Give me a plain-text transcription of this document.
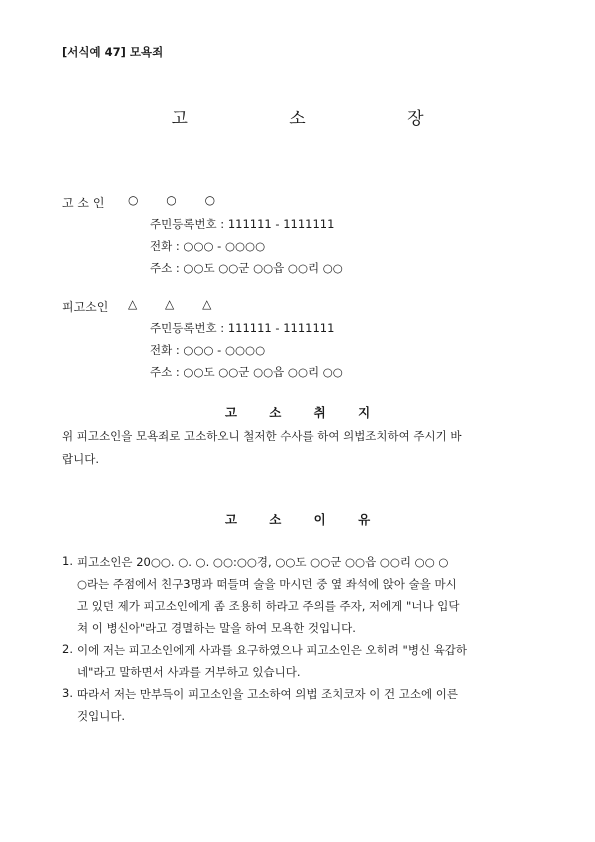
[서식예 47] 모욕죄
고 소 장
고 소 인 ○ ○ ○
주민등록번호 : 111111 - 1111111
전화 : ○○○ - ○○○○
주소 : ○○도 ○○군 ○○읍 ○○리 ○○
피고소인 △ △ △
주민등록번호 : 111111 - 1111111
전화 : ○○○ - ○○○○
주소 : ○○도 ○○군 ○○읍 ○○리 ○○
고 소 취 지
위 피고소인을 모욕죄로 고소하오니 철저한 수사를 하여 의법조치하여 주시기 바
랍니다.
고 소 이 유
1. 피고소인은 20○○. ○. ○. ○○:○○경, ○○도 ○○군 ○○읍 ○○리 ○○ ○
○라는 주점에서 친구3명과 떠들며 술을 마시던 중 옆 좌석에 앉아 술을 마시
고 있던 제가 피고소인에게 좀 조용히 하라고 주의를 주자, 저에게 "너나 입닥
쳐 이 병신아"라고 경멸하는 말을 하여 모욕한 것입니다.
2. 이에 저는 피고소인에게 사과를 요구하였으나 피고소인은 오히려 "병신 육갑하
네"라고 말하면서 사과를 거부하고 있습니다.
3. 따라서 저는 만부득이 피고소인을 고소하여 의법 조치코자 이 건 고소에 이른
것입니다.
